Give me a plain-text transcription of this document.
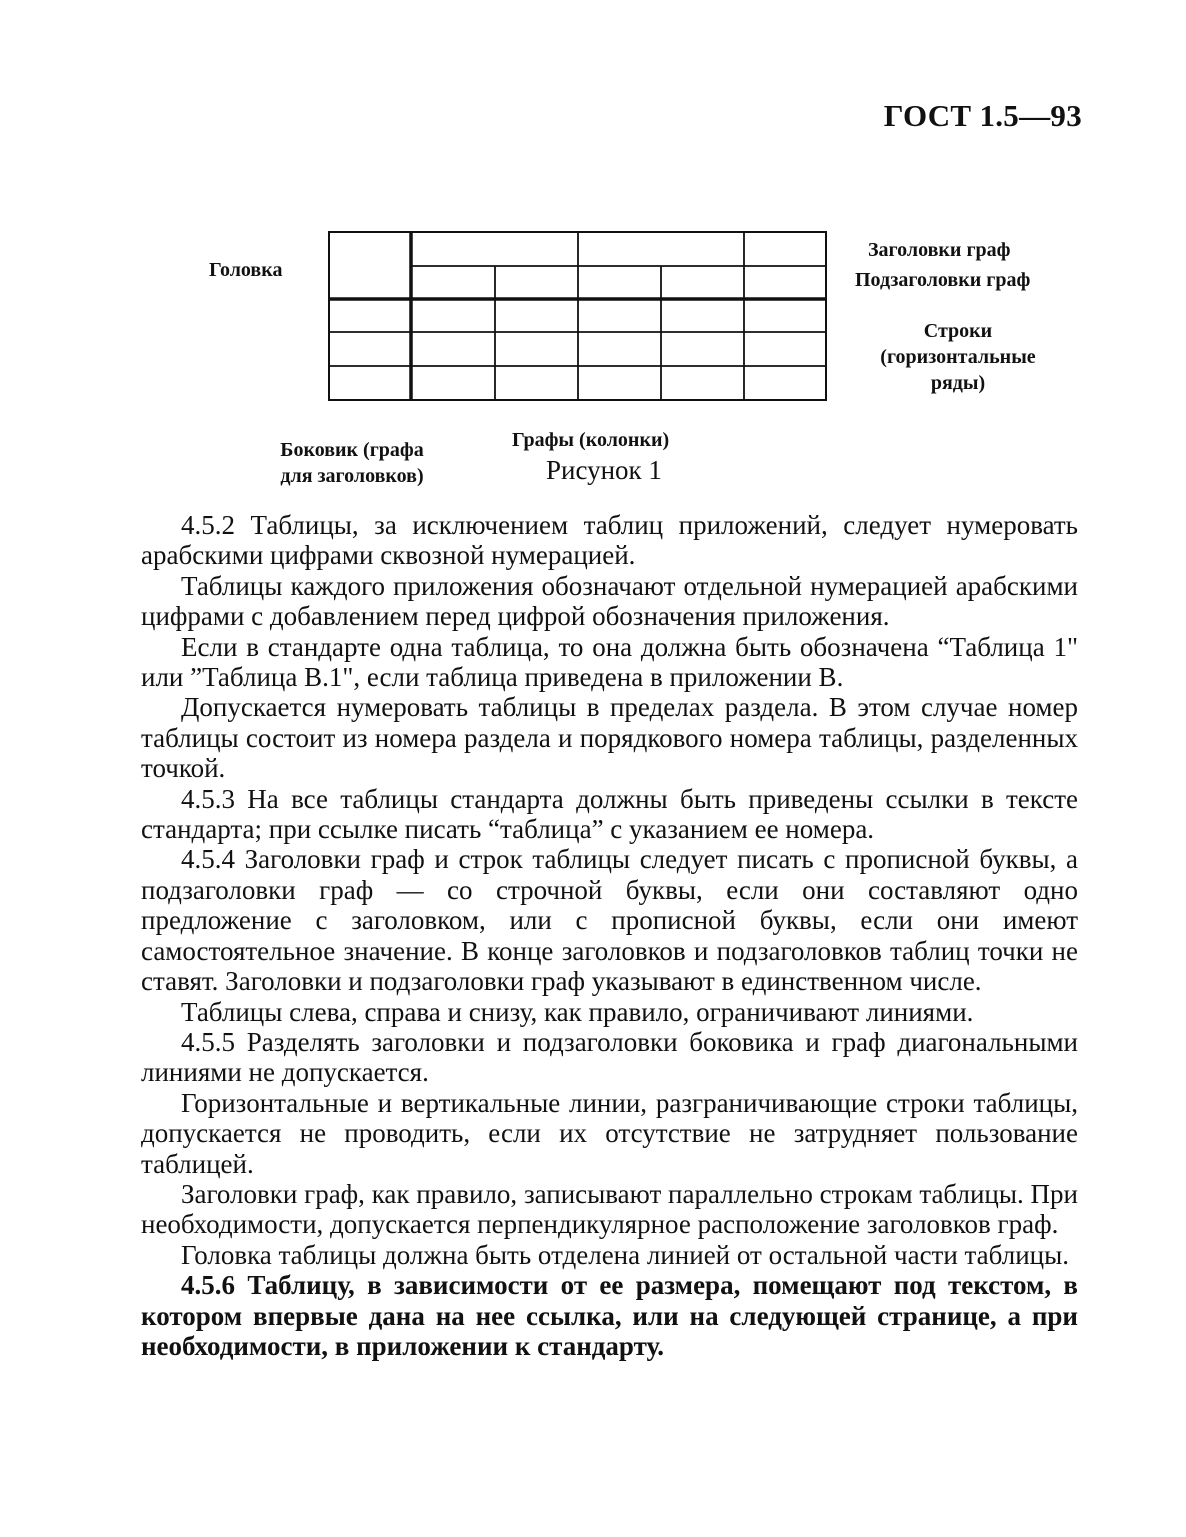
ГОСТ 1.5—93
Головка
Заголовки граф
Подзаголовки граф
Строки
(горизонтальные
ряды)
Боковик (графа
для заголовков)
Графы (колонки)
Рисунок 1

4.5.2 Таблицы, за исключением таблиц приложений, следует нумеровать арабскими цифрами сквозной нумерацией.

Таблицы каждого приложения обозначают отдельной нумерацией арабскими цифрами с добавлением перед цифрой обозначения приложения.

Если в стандарте одна таблица, то она должна быть обозначена “Таблица 1" или ”Таблица В.1", если таблица приведена в приложении В.

Допускается нумеровать таблицы в пределах раздела. В этом случае номер таблицы состоит из номера раздела и порядкового номера таблицы, разделенных точкой.

4.5.3 На все таблицы стандарта должны быть приведены ссылки в тексте стандарта; при ссылке писать “таблица” с указанием ее номера.

4.5.4 Заголовки граф и строк таблицы следует писать с прописной буквы, а подзаголовки граф — со строчной буквы, если они составляют одно предложение с заголовком, или с прописной буквы, если они имеют самостоятельное значение. В конце заголовков и подзаголовков таблиц точки не ставят. Заголовки и подзаголовки граф указывают в единственном числе.

Таблицы слева, справа и снизу, как правило, ограничивают линиями.

4.5.5 Разделять заголовки и подзаголовки боковика и граф диагональными линиями не допускается.

Горизонтальные и вертикальные линии, разграничивающие строки таблицы, допускается не проводить, если их отсутствие не затрудняет пользование таблицей.

Заголовки граф, как правило, записывают параллельно строкам таблицы. При необходимости, допускается перпендикулярное расположение заголовков граф.

Головка таблицы должна быть отделена линией от остальной части таблицы.

4.5.6 Таблицу, в зависимости от ее размера, помещают под текстом, в котором впервые дана на нее ссылка, или на следующей странице, а при необходимости, в приложении к стандарту.
